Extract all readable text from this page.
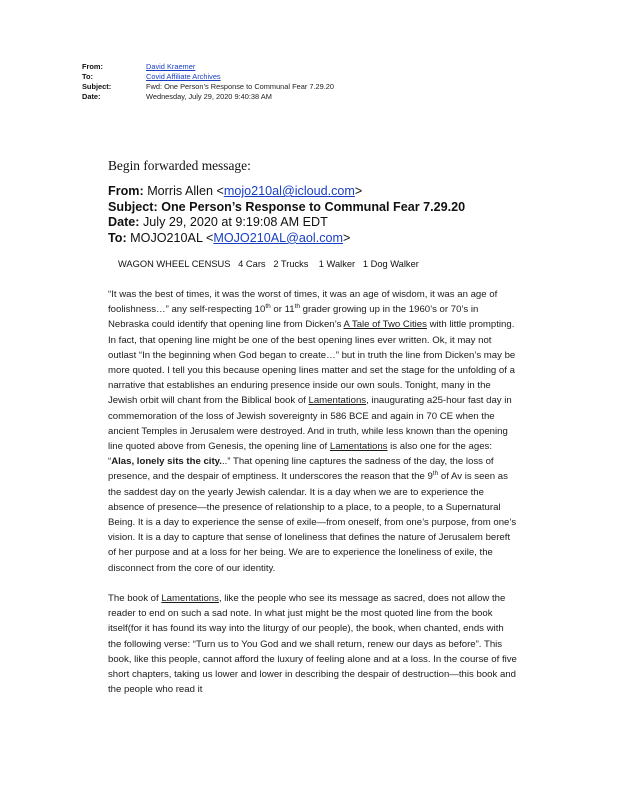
From:	David Kraemer
To:	Covid Affiliate Archives
Subject:	Fwd: One Person’s Response to Communal Fear 7.29.20
Date:	Wednesday, July 29, 2020 9:40:38 AM
Begin forwarded message:
From: Morris Allen <mojo210al@icloud.com>
Subject: One Person’s Response to Communal Fear 7.29.20
Date: July 29, 2020 at 9:19:08 AM EDT
To: MOJO210AL <MOJO210AL@aol.com>
WAGON WHEEL CENSUS   4 Cars   2 Trucks    1 Walker   1 Dog Walker

“It was the best of times, it was the worst of times, it was an age of wisdom, it was an age of foolishness…” any self-respecting 10th or 11th grader growing up in the 1960’s or 70’s in Nebraska could identify that opening line from Dicken’s A Tale of Two Cities with little prompting. In fact, that opening line might be one of the best opening lines ever written. Ok, it may not outlast “In the beginning when God began to create…” but in truth the line from Dicken’s may be more quoted. I tell you this because opening lines matter and set the stage for the unfolding of a narrative that establishes an enduring presence inside our own souls. Tonight, many in the Jewish orbit will chant from the Biblical book of Lamentations, inaugurating a25-hour fast day in commemoration of the loss of Jewish sovereignty in 586 BCE and again in 70 CE when the ancient Temples in Jerusalem were destroyed. And in truth, while less known than the opening line quoted above from Genesis, the opening line of Lamentations is also one for the ages: “Alas, lonely sits the city...” That opening line captures the sadness of the day, the loss of presence, and the despair of emptiness. It underscores the reason that the 9th of Av is seen as the saddest day on the yearly Jewish calendar. It is a day when we are to experience the absence of presence—the presence of relationship to a place, to a people, to a Supernatural Being. It is a day to experience the sense of exile—from oneself, from one’s purpose, from one’s vision. It is a day to capture that sense of loneliness that defines the nature of Jerusalem bereft of her purpose and at a loss for her being. We are to experience the loneliness of exile, the disconnect from the core of our identity.

The book of Lamentations, like the people who see its message as sacred, does not allow the reader to end on such a sad note. In what just might be the most quoted line from the book itself(for it has found its way into the liturgy of our people), the book, when chanted, ends with the following verse: “Turn us to You God and we shall return, renew our days as before”. This book, like this people, cannot afford the luxury of feeling alone and at a loss. In the course of five short chapters, taking us lower and lower in describing the despair of destruction—this book and the people who read it
